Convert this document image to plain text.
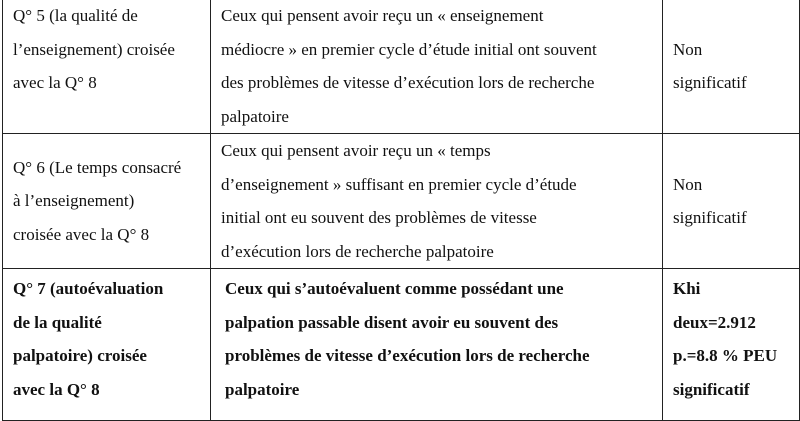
Q° 5 (la qualité de
l’enseignement) croisée
avec la Q° 8	Ceux qui pensent avoir reçu un « enseignement
médiocre » en premier cycle d’étude initial ont souvent
des problèmes de vitesse d’exécution lors de recherche
palpatoire	Non
significatif

Q° 6 (Le temps consacré
à l’enseignement)
croisée avec la Q° 8	Ceux qui pensent avoir reçu un « temps
d’enseignement » suffisant en premier cycle d’étude
initial ont eu souvent des problèmes de vitesse
d’exécution lors de recherche palpatoire	Non
significatif

Q° 7 (autoévaluation
de la qualité
palpatoire) croisée
avec la Q° 8	Ceux qui s’autoévaluent comme possédant une
palpation passable disent avoir eu souvent des
problèmes de vitesse d’exécution lors de recherche
palpatoire	Khi
deux=2.912
p.=8.8 % PEU
significatif
